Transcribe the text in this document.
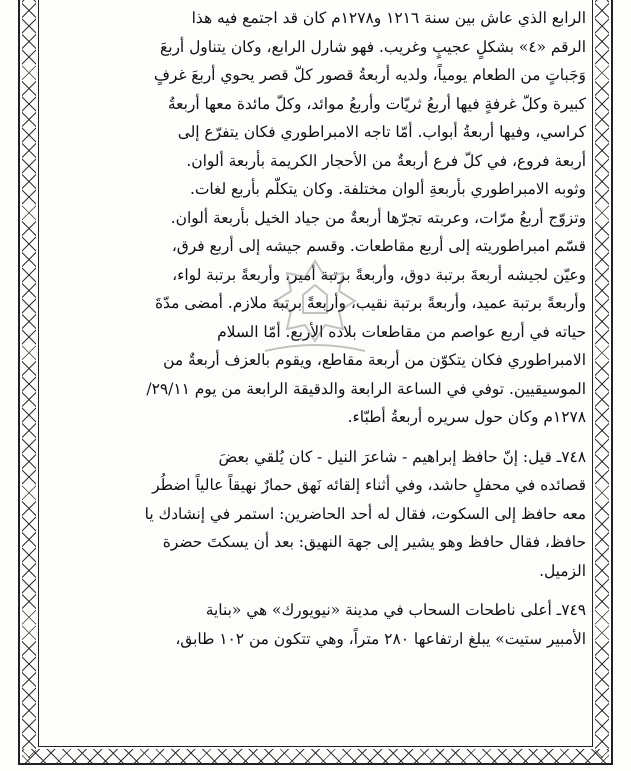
الرابع الذي عاش بين سنة ١٢١٦ و١٢٧٨م كان قد اجتمع فيه هذا

الرقم «٤» بشكلٍ عجيبٍ وغريب. فهو شارل الرابع، وكان يتناول أربعَ

وَجَباتٍ من الطعام يومياً، ولديه أربعةُ قصور كلّ قصر يحوي أربعَ غرفٍ

كبيرة وكلّ غرفةٍ فيها أربعُ ثريّات وأربعُ موائد، وكلّ مائدة معها أربعةُ

كراسي، وفيها أربعةُ أبواب. أمّا تاجه الامبراطوري فكان يتفرّع إلى

أربعة فروع، في كلّ فرع أربعةٌ من الأحجار الكريمة بأربعة ألوان.

وثوبه الامبراطوري بأربعةِ ألوان مختلفة. وكان يتكلّم بأربع لغات.

وتزوّج أربعُ مرّات، وعربته تجرّها أربعةٌ من جياد الخيل بأربعة ألوان.

قسّم امبراطوريته إلى أربع مقاطعات. وقسم جيشه إلى أربع فرق،

وعيّن لجيشه أربعةَ برتبة دوق، وأربعةً برتبة أمير، وأربعةً برتبة لواء،

وأربعةً برتبة عميد، وأربعةً برتبة نقيب، وأربعةً برتبة ملازم. أمضى مدّةَ

حياته في أربع عواصم من مقاطعات بلاده الأربع. أمّا السلام

الامبراطوري فكان يتكوّن من أربعة مقاطع، ويقوم بالعزف أربعةٌ من

الموسيقيين. توفي في الساعة الرابعة والدقيقة الرابعة من يوم ٢٩/١١/

١٢٧٨م وكان حول سريره أربعةُ أطبّاء.

٧٤٨ـ قيل: إنّ حافظ إبراهيم - شاعرَ النيل - كان يُلقي بعضَ

قصائده في محفلٍ حاشد، وفي أثناء إلقائه نَهق حمارٌ نهيقاً عالياً اضطُر

معه حافظ إلى السكوت، فقال له أحد الحاضرين: استمر في إنشادك يا

حافظ، فقال حافظ وهو يشير إلى جهة النهيق: بعد أن يسكتَ حضرة

الزميل.

٧٤٩ـ أعلى ناطحات السحاب في مدينة «نيويورك» هي «بناية

الأمبير ستيت» يبلغ ارتفاعها ٢٨٠ متراً، وهي تتكون من ١٠٢ طابق،
